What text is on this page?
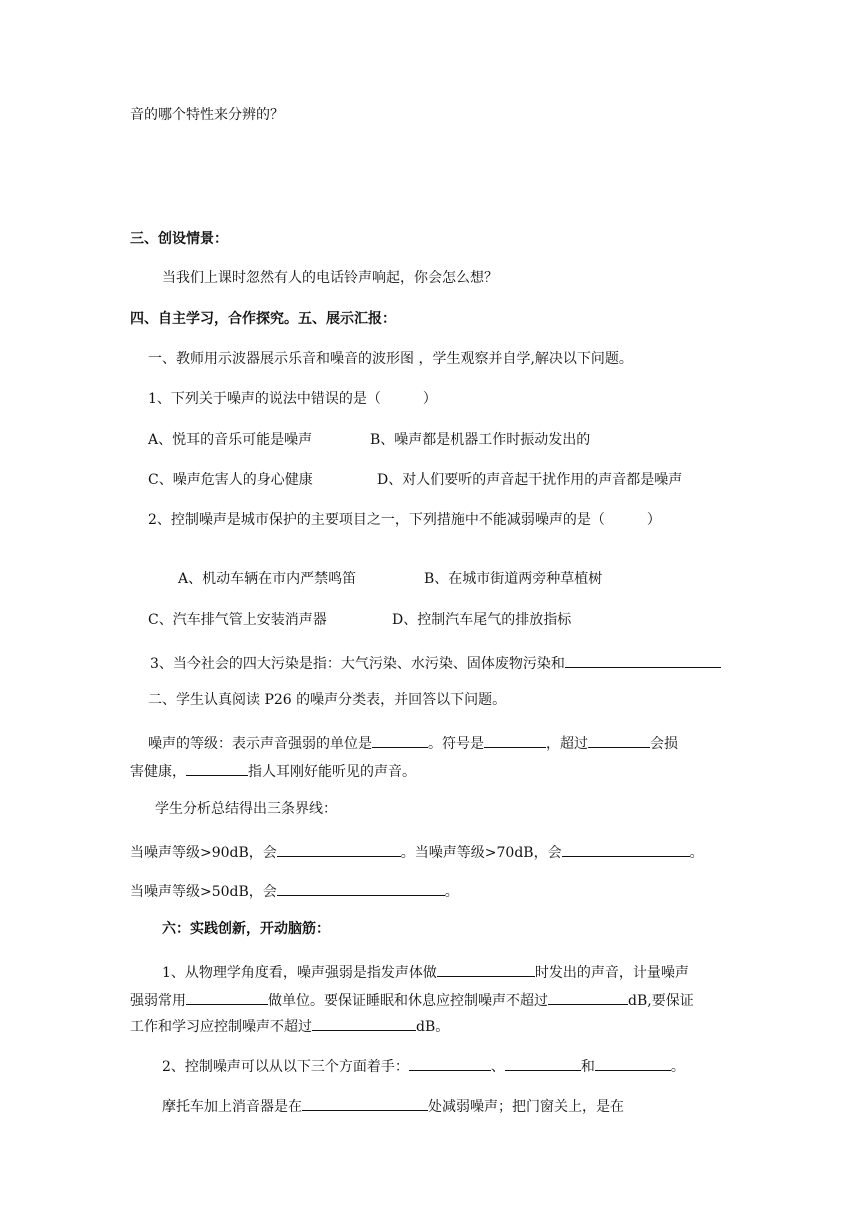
音的哪个特性来分辨的？
三、创设情景：
当我们上课时忽然有人的电话铃声响起，你会怎么想？
四、自主学习，合作探究。五、展示汇报：
一、教师用示波器展示乐音和噪音的波形图 ，学生观察并自学,解决以下问题。
1、下列关于噪声的说法中错误的是（　　　）
A、悦耳的音乐可能是噪声	B、噪声都是机器工作时振动发出的
C、噪声危害人的身心健康	D、对人们要听的声音起干扰作用的声音都是噪声
2、控制噪声是城市保护的主要项目之一，下列措施中不能减弱噪声的是（　　　）
A、机动车辆在市内严禁鸣笛	B、在城市街道两旁种草植树
C、汽车排气管上安装消声器	D、控制汽车尾气的排放指标
3、当今社会的四大污染是指：大气污染、水污染、固体废物污染和
二、学生认真阅读 P26 的噪声分类表，并回答以下问题。
噪声的等级：表示声音强弱的单位是	。符号是	，超过	会损
害健康，	指人耳刚好能听见的声音。
学生分析总结得出三条界线：
当噪声等级>90dB，会	。当噪声等级>70dB，会	。
当噪声等级>50dB，会	。
六：实践创新，开动脑筋：
1、从物理学角度看，噪声强弱是指发声体做	时发出的声音，计量噪声
强弱常用	做单位。要保证睡眠和休息应控制噪声不超过	dB,要保证
工作和学习应控制噪声不超过	dB。
2、控制噪声可以从以下三个方面着手：	、	和	。
摩托车加上消音器是在	处减弱噪声；把门窗关上，是在
